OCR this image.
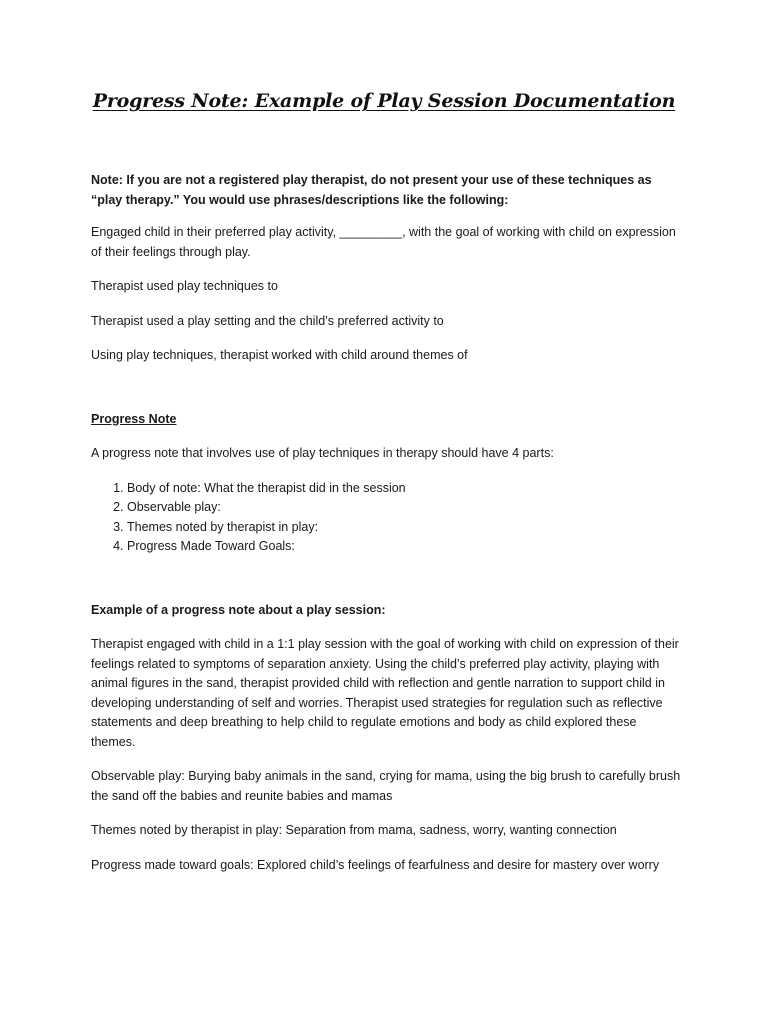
Progress Note: Example of Play Session Documentation

Note: If you are not a registered play therapist, do not present your use of these techniques as “play therapy.” You would use phrases/descriptions like the following:

Engaged child in their preferred play activity, _________, with the goal of working with child on expression of their feelings through play.

Therapist used play techniques to

Therapist used a play setting and the child’s preferred activity to

Using play techniques, therapist worked with child around themes of

Progress Note

A progress note that involves use of play techniques in therapy should have 4 parts:

1. Body of note: What the therapist did in the session
2. Observable play:
3. Themes noted by therapist in play:
4. Progress Made Toward Goals:

Example of a progress note about a play session:

Therapist engaged with child in a 1:1 play session with the goal of working with child on expression of their feelings related to symptoms of separation anxiety. Using the child’s preferred play activity, playing with animal figures in the sand, therapist provided child with reflection and gentle narration to support child in developing understanding of self and worries. Therapist used strategies for regulation such as reflective statements and deep breathing to help child to regulate emotions and body as child explored these themes.

Observable play: Burying baby animals in the sand, crying for mama, using the big brush to carefully brush the sand off the babies and reunite babies and mamas

Themes noted by therapist in play: Separation from mama, sadness, worry, wanting connection

Progress made toward goals: Explored child’s feelings of fearfulness and desire for mastery over worry
